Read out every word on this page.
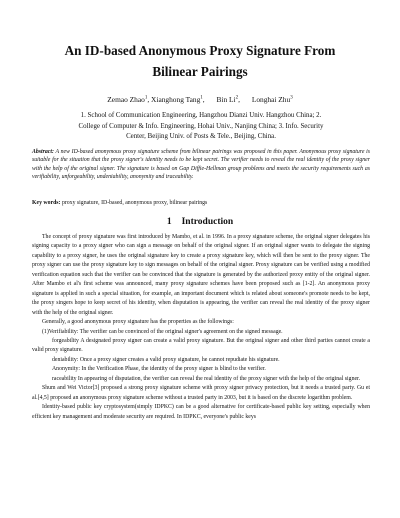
An ID-based Anonymous Proxy Signature From
Bilinear Pairings
Zemao Zhao$^1$, Xianghong Tang$^1$, Bin Li$^2$, Longhai Zhu$^3$
1. School of Communication Engineering, Hangzhou Dianzi Univ. Hangzhou China; 2.
College of Computer & Info. Engineering, Hohai Univ., Nanjing China; 3. Info. Security
Center, Beijing Univ. of Posts & Tele., Beijing, China.
Abstract: A new ID-based anonymous proxy signature scheme from bilinear pairings was proposed in this paper. Anonymous proxy signature is suitable for the situation that the proxy signer's identity needs to be kept secret. The verifier needs to reveal the real identity of the proxy signer with the help of the original signer. The signature is based on Gap Diffie-Hellman group problems and meets the security requirements such as verifiability, unforgeability, undeniability, anonymity and traceability.
Key words: proxy signature, ID-based, anonymous proxy, bilinear pairings
1 Introduction

The concept of proxy signature was first introduced by Mambo, et al. in 1996. In a proxy signature scheme, the original signer delegates his signing capacity to a proxy signer who can sign a message on behalf of the original signer. If an original signer wants to delegate the signing capability to a proxy signer, he uses the original signature key to create a proxy signature key, which will then be sent to the proxy signer. The proxy signer can use the proxy signature key to sign messages on behalf of the original signer. Proxy signature can be verified using a modified verification equation such that the verifier can be convinced that the signature is generated by the authorized proxy entity of the original signer. After Mambo et al's first scheme was announced, many proxy signature schemes have been proposed such as [1-2]. An anonymous proxy signature is applied in such a special situation, for example, an important document which is related about someone's promote needs to be kept, the proxy singers hope to keep secret of his identity, when disputation is appearing, the verifier can reveal the real identity of the proxy signer with the help of the original signer.

Generally, a good anonymous proxy signature has the properties as the followings:

(1)Verifiability: The verifier can be convinced of the original signer's agreement on the signed message.

forgeability A designated proxy signer can create a valid proxy signature. But the original signer and other third parties cannot create a valid proxy signature.

deniability: Once a proxy signer creates a valid proxy signature, he cannot repudiate his signature.

Anonymity: In the Verification Phase, the identity of the proxy signer is blind to the verifier.

raceability In appearing of disputation, the verifier can reveal the real identity of the proxy signer with the help of the original signer.

Shum and Wei Victor[3] proposed a strong proxy signature scheme with proxy signer privacy protection, but it needs a trusted party. Gu et al.[4,5] proposed an anonymous proxy signature scheme without a trusted party in 2003, but it is based on the discrete logarithm problem.

Identity-based public key cryptosystem(simply IDPKC) can be a good alternative for certificate-based public key setting, especially when efficient key management and moderate security are required. In IDPKC, everyone's public keys
